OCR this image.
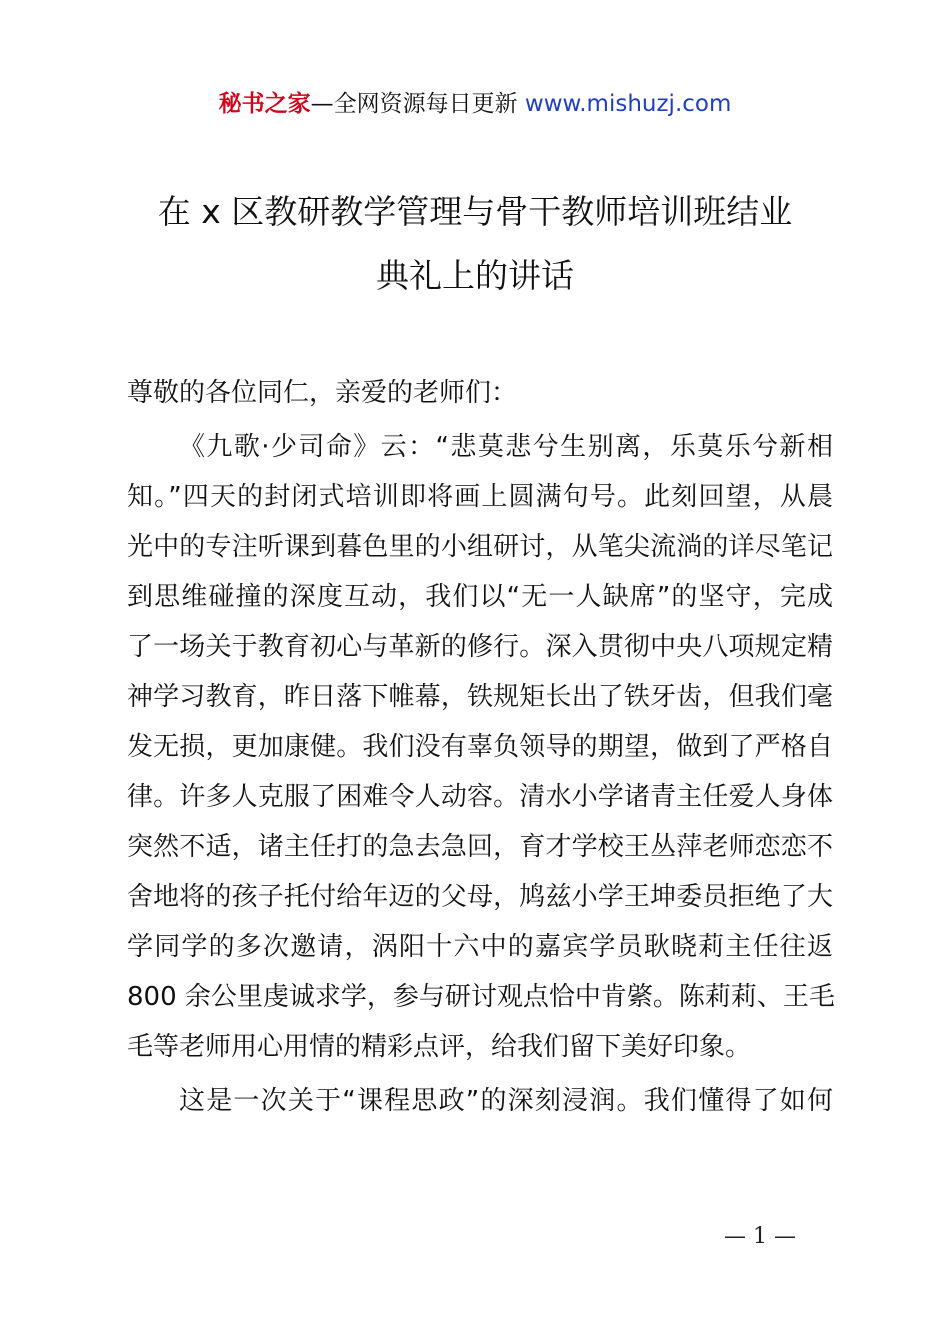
秘书之家—全网资源每日更新 www.mishuzj.com
在 x 区教研教学管理与骨干教师培训班结业
典礼上的讲话
尊敬的各位同仁，亲爱的老师们：
《九歌·少司命》云：“悲莫悲兮生别离，乐莫乐兮新相
知。”四天的封闭式培训即将画上圆满句号。此刻回望，从晨
光中的专注听课到暮色里的小组研讨，从笔尖流淌的详尽笔记
到思维碰撞的深度互动，我们以“无一人缺席”的坚守，完成
了一场关于教育初心与革新的修行。深入贯彻中央八项规定精
神学习教育，昨日落下帷幕，铁规矩长出了铁牙齿，但我们毫
发无损，更加康健。我们没有辜负领导的期望，做到了严格自
律。许多人克服了困难令人动容。清水小学诸青主任爱人身体
突然不适，诸主任打的急去急回，育才学校王丛萍老师恋恋不
舍地将的孩子托付给年迈的父母，鸠兹小学王坤委员拒绝了大
学同学的多次邀请，涡阳十六中的嘉宾学员耿晓莉主任往返
800 余公里虔诚求学，参与研讨观点恰中肯綮。陈莉莉、王毛
毛等老师用心用情的精彩点评，给我们留下美好印象。
这是一次关于“课程思政”的深刻浸润。我们懂得了如何
— 1 —
